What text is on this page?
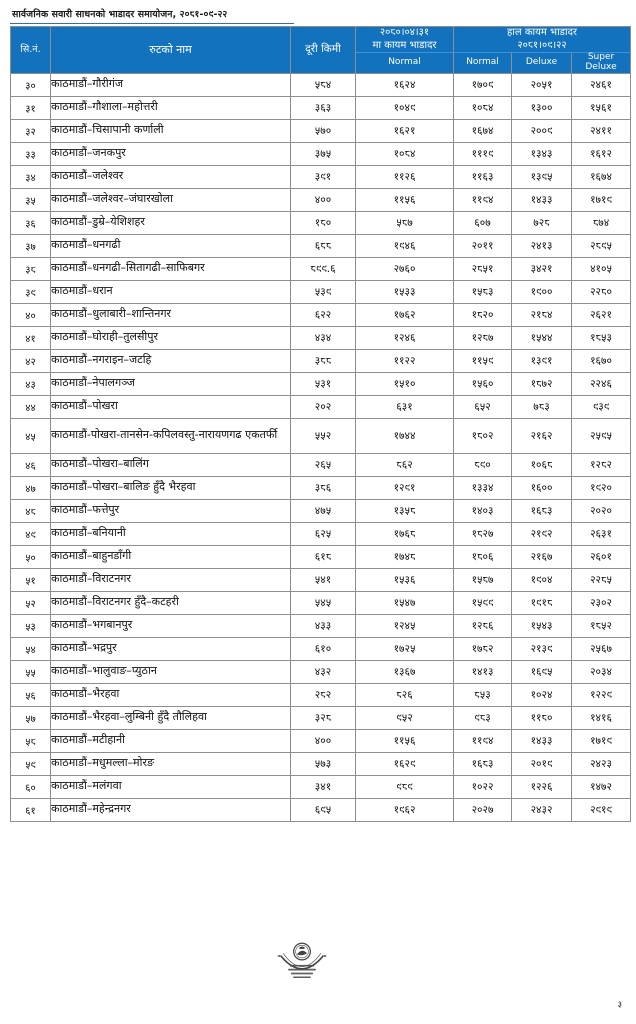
सार्वजनिक सवारी साधनको भाडादर समायोजन, २०८१-०९-२२
सि.नं.	रुटको नाम	दूरी किमी	
२०८०।०४।३१
मा कायम भाडादर

हाल कायम भाडादर
२०८१।०९।२२

			Normal	Normal	Deluxe	Super Deluxe
३०	काठमाडौं–गौरीगंज	५८४	१६२४	१७०९	२०५१	२४६१
३१	काठमाडौं–गौशाला–महोत्तरी	३६३	१०४९	१०८४	१३००	१५६१
३२	काठमाडौं–चिसापानी कर्णाली	५७०	१६२१	१६७४	२००९	२४११
३३	काठमाडौं–जनकपुर	३७५	१०८४	१११९	१३४३	१६१२
३४	काठमाडौं–जलेश्वर	३९१	११२६	११६३	१३९५	१६७४
३५	काठमाडौं–जलेश्वर–जंघारखोला	४००	११५६	११९४	१४३३	१७१९
३६	काठमाडौं–डुम्रे–येशिशहर	१८०	५८७	६०७	७२८	८७४
३७	काठमाडौं–धनगढी	६८८	१९४६	२०११	२४१३	२८९५
३८	काठमाडौं–धनगढी–सितागढी–साफिबगर	८९९.६	२७६०	२८५१	३४२१	४१०५
३९	काठमाडौं–धरान	५३९	१५३३	१५८३	१९००	२२८०
४०	काठमाडौं–धुलाबारी–शान्तिनगर	६२२	१७६२	१८२०	२१८४	२६२१
४१	काठमाडौं–घोराही–तुलसीपुर	४३४	१२४६	१२८७	१५४४	१८५३
४२	काठमाडौं–नगराइन–जटहि	३८८	११२२	११५९	१३९१	१६७०
४३	काठमाडौं–नेपालगञ्ज	५३१	१५१०	१५६०	१८७२	२२४६
४४	काठमाडौं–पोखरा	२०२	६३१	६५२	७८३	९३९
४५	काठमाडौं-पोखरा-तानसेन-कपिलवस्तु-नारायणगढ एकतर्फी	५५२	१७४४	१८०२	२१६२	२५९५
४६	काठमाडौं–पोखरा–बालिंग	२६५	८६२	८९०	१०६८	१२८२
४७	काठमाडौं–पोखरा–बालिङ हुँदै भैरहवा	३८६	१२९१	१३३४	१६००	१९२०
४८	काठमाडौं–फत्तेपुर	४७५	१३५८	१४०३	१६८३	२०२०
४९	काठमाडौं–बनियानी	६२५	१७६८	१८२७	२१९२	२६३१
५०	काठमाडौं–बाहुनडाँगी	६१८	१७४८	१८०६	२१६७	२६०१
५१	काठमाडौं–विराटनगर	५४१	१५३६	१५८७	१९०४	२२८५
५२	काठमाडौं–विराटनगर हुँदै–कटहरी	५४५	१५४७	१५९९	१९१८	२३०२
५३	काठमाडौं–भगबानपुर	४३३	१२४५	१२८६	१५४३	१८५२
५४	काठमाडौं–भद्रपुर	६१०	१७२५	१७८२	२१३९	२५६७
५५	काठमाडौं–भालुवाङ–प्युठान	४३२	१३६७	१४१३	१६९५	२०३४
५६	काठमाडौं–भैरहवा	२८२	८२६	८५३	१०२४	१२२९
५७	काठमाडौं–भैरहवा–लुम्बिनी हुँदै तौलिहवा	३२८	९५२	९८३	११८०	१४१६
५८	काठमाडौं–मटीहानी	४००	११५६	११९४	१४३३	१७१९
५९	काठमाडौं–मधुमल्ला–मोरङ	५७३	१६२९	१६८३	२०१९	२४२३
६०	काठमाडौं–मलंगवा	३४१	९८९	१०२२	१२२६	१४७२
६१	काठमाडौं–महेन्द्रनगर	६९५	१९६२	२०२७	२४३२	२९१९
३
